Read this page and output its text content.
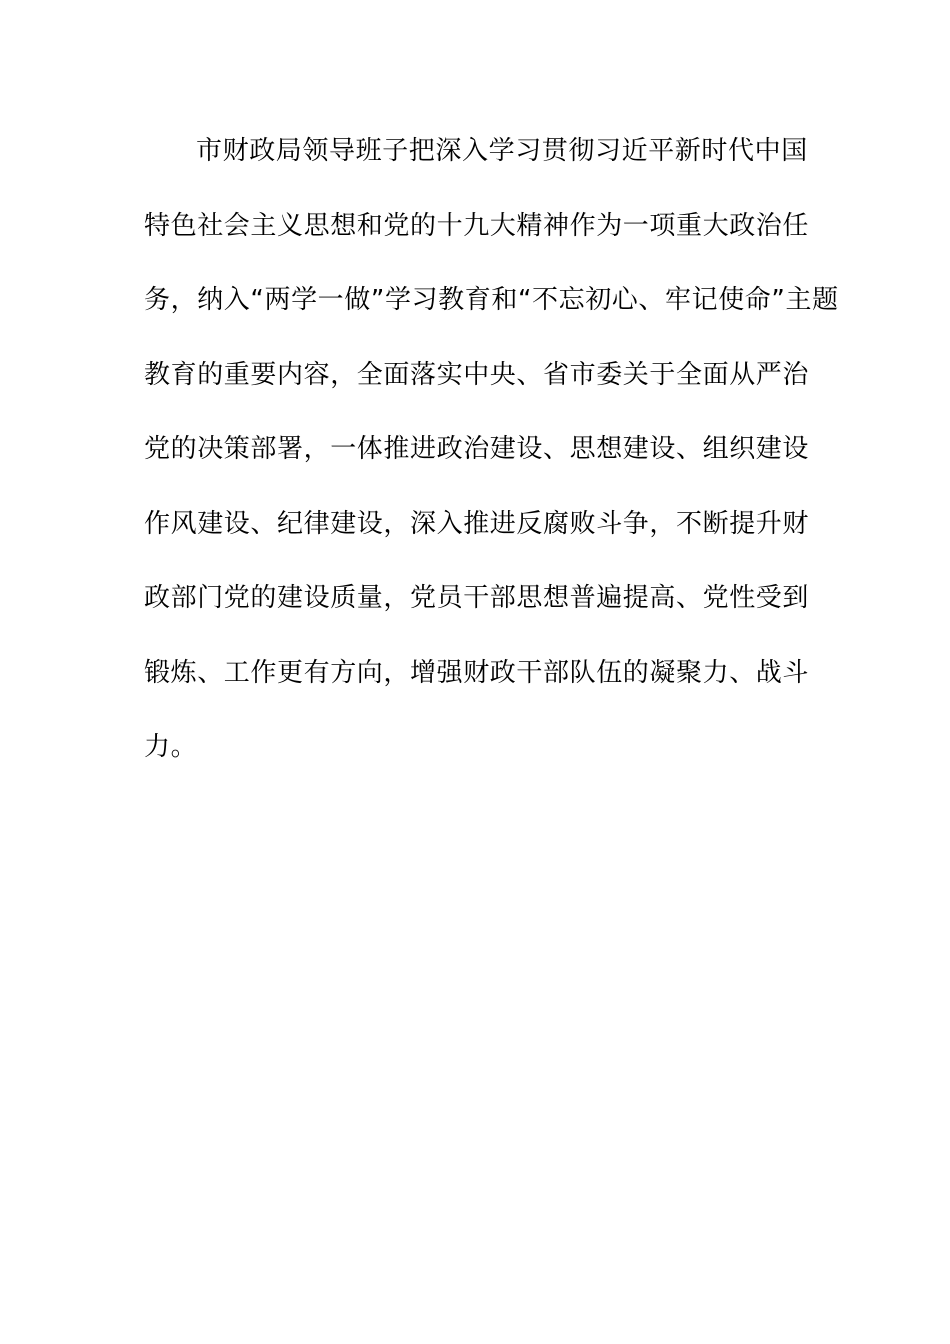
市财政局领导班子把深入学习贯彻习近平新时代中国
特色社会主义思想和党的十九大精神作为一项重大政治任
务，纳入“两学一做”学习教育和“不忘初心、牢记使命”主题
教育的重要内容，全面落实中央、省市委关于全面从严治
党的决策部署，一体推进政治建设、思想建设、组织建设
作风建设、纪律建设，深入推进反腐败斗争，不断提升财
政部门党的建设质量，党员干部思想普遍提高、党性受到
锻炼、工作更有方向，增强财政干部队伍的凝聚力、战斗
力。
